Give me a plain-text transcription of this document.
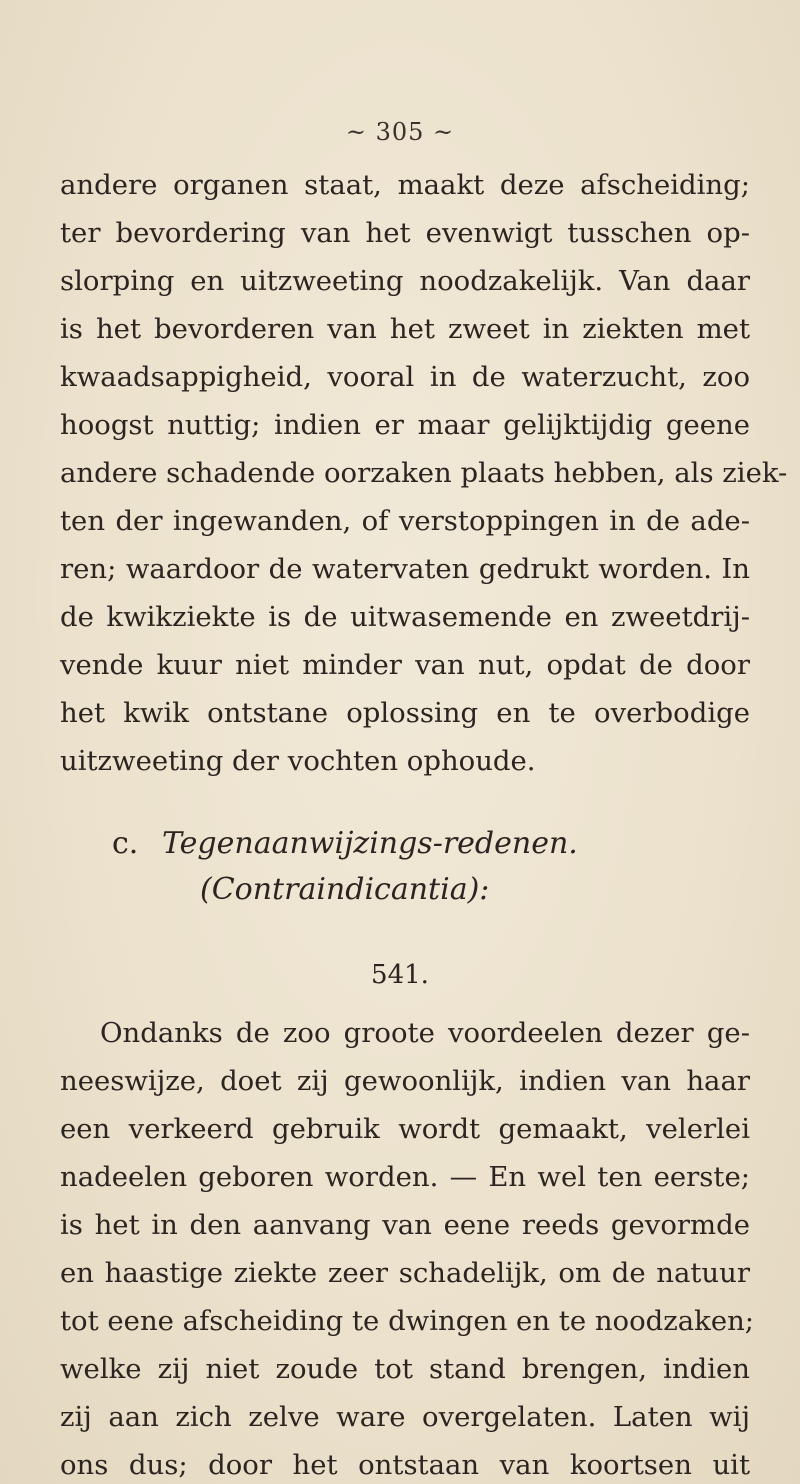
~ 305 ~
andere organen staat, maakt deze afscheiding;
ter bevordering van het evenwigt tusschen op-
slorping en uitzweeting noodzakelijk. Van daar
is het bevorderen van het zweet in ziekten met
kwaadsappigheid, vooral in de waterzucht, zoo
hoogst nuttig; indien er maar gelijktijdig geene
andere schadende oorzaken plaats hebben, als ziek-
ten der ingewanden, of verstoppingen in de ade-
ren; waardoor de watervaten gedrukt worden. In
de kwikziekte is de uitwasemende en zweetdrij-
vende kuur niet minder van nut, opdat de door
het kwik ontstane oplossing en te overbodige
uitzweeting der vochten ophoude.
c. Tegenaanwijzings-redenen.
(Contraindicantia):
541.
Ondanks de zoo groote voordeelen dezer ge-
neeswijze, doet zij gewoonlijk, indien van haar
een verkeerd gebruik wordt gemaakt, velerlei
nadeelen geboren worden. — En wel ten eerste;
is het in den aanvang van eene reeds gevormde
en haastige ziekte zeer schadelijk, om de natuur
tot eene afscheiding te dwingen en te noodzaken;
welke zij niet zoude tot stand brengen, indien
zij aan zich zelve ware overgelaten. Laten wij
ons dus; door het ontstaan van koortsen uit
